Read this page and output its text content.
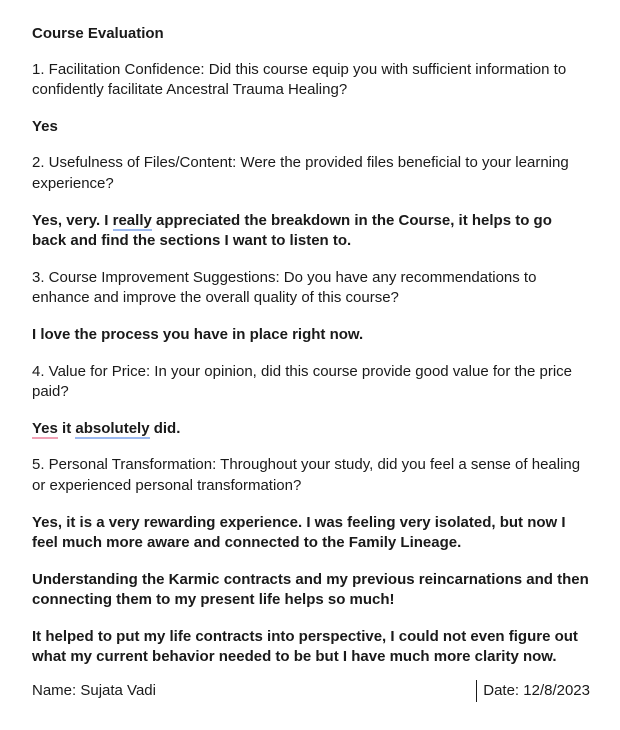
Course Evaluation
1. Facilitation Confidence: Did this course equip you with sufficient information to confidently facilitate Ancestral Trauma Healing?
Yes
2. Usefulness of Files/Content: Were the provided files beneficial to your learning experience?
Yes, very. I really appreciated the breakdown in the Course, it helps to go back and find the sections I want to listen to.
3. Course Improvement Suggestions: Do you have any recommendations to enhance and improve the overall quality of this course?
I love the process you have in place right now.
4. Value for Price: In your opinion, did this course provide good value for the price paid?
Yes it absolutely did.
5. Personal Transformation: Throughout your study, did you feel a sense of healing or experienced personal transformation?
Yes, it is a very rewarding experience. I was feeling very isolated, but now I feel much more aware and connected to the Family Lineage.
Understanding the Karmic contracts and my previous reincarnations and then connecting them to my present life helps so much!
It helped to put my life contracts into perspective, I could not even figure out what my current behavior needed to be but I have much more clarity now.
Name: Sujata Vadi	Date: 12/8/2023
